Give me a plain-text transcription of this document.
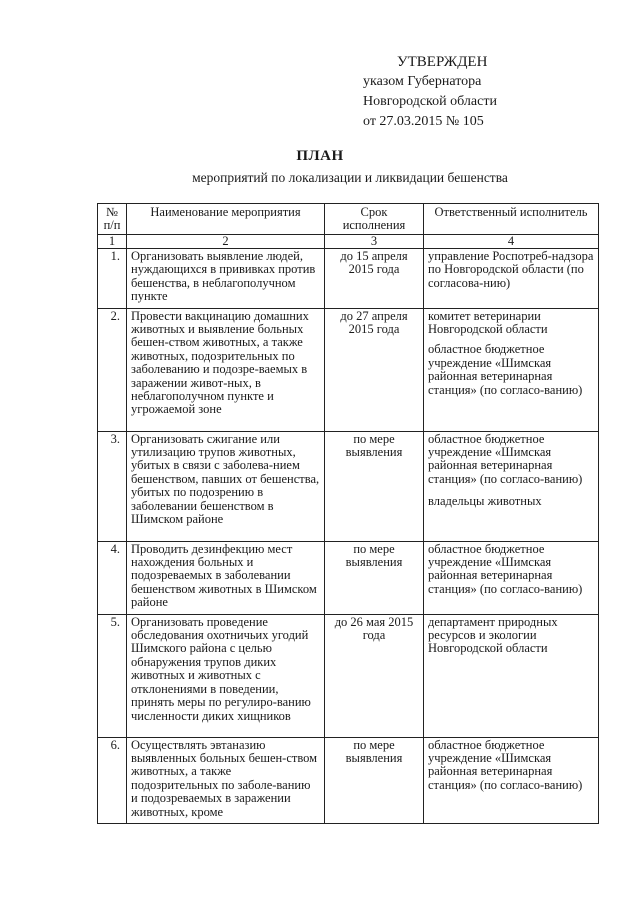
УТВЕРЖДЕН
указом Губернатора
Новгородской области
от 27.03.2015 № 105
ПЛАН
мероприятий по локализации и ликвидации бешенства
№ п/п	Наименование мероприятия	Срок исполнения	Ответственный исполнитель
1	2	3	4
1.	Организовать выявление людей, нуждающихся в прививках против бешенства, в неблагополучном пункте	до 15 апреля 2015 года	управление Роспотреб-надзора по Новгородской области (по согласова-нию)

2.	Провести вакцинацию домашних животных и выявление больных бешен-ством животных, а также животных, подозрительных по заболеванию и подозре-ваемых в заражении живот-ных, в неблагополучном пункте и угрожаемой зоне	до 27 апреля 2015 года	комитет ветеринарии Новгородской области
областное бюджетное учреждение «Шимская районная ветеринарная станция» (по согласо-ванию)

3.	Организовать сжигание или утилизацию трупов животных, убитых в связи с заболева-нием бешенством, павших от бешенства, убитых по подозрению в заболевании бешенством в Шимском районе	по мере выявления	областное бюджетное учреждение «Шимская районная ветеринарная станция» (по согласо-ванию)
владельцы животных

4.	Проводить дезинфекцию мест нахождения больных и подозреваемых в заболевании бешенством животных в Шимском районе	по мере выявления	областное бюджетное учреждение «Шимская районная ветеринарная станция» (по согласо-ванию)

5.	Организовать проведение обследования охотничьих угодий Шимского района с целью обнаружения трупов диких животных и животных с отклонениями в поведении, принять меры по регулиро-ванию численности диких хищников	до 26 мая 2015 года	департамент природных ресурсов и экологии Новгородской области

6.	Осуществлять эвтаназию выявленных больных бешен-ством животных, а также подозрительных по заболе-ванию и подозреваемых в заражении животных, кроме	по мере выявления	областное бюджетное учреждение «Шимская районная ветеринарная станция» (по согласо-ванию)
